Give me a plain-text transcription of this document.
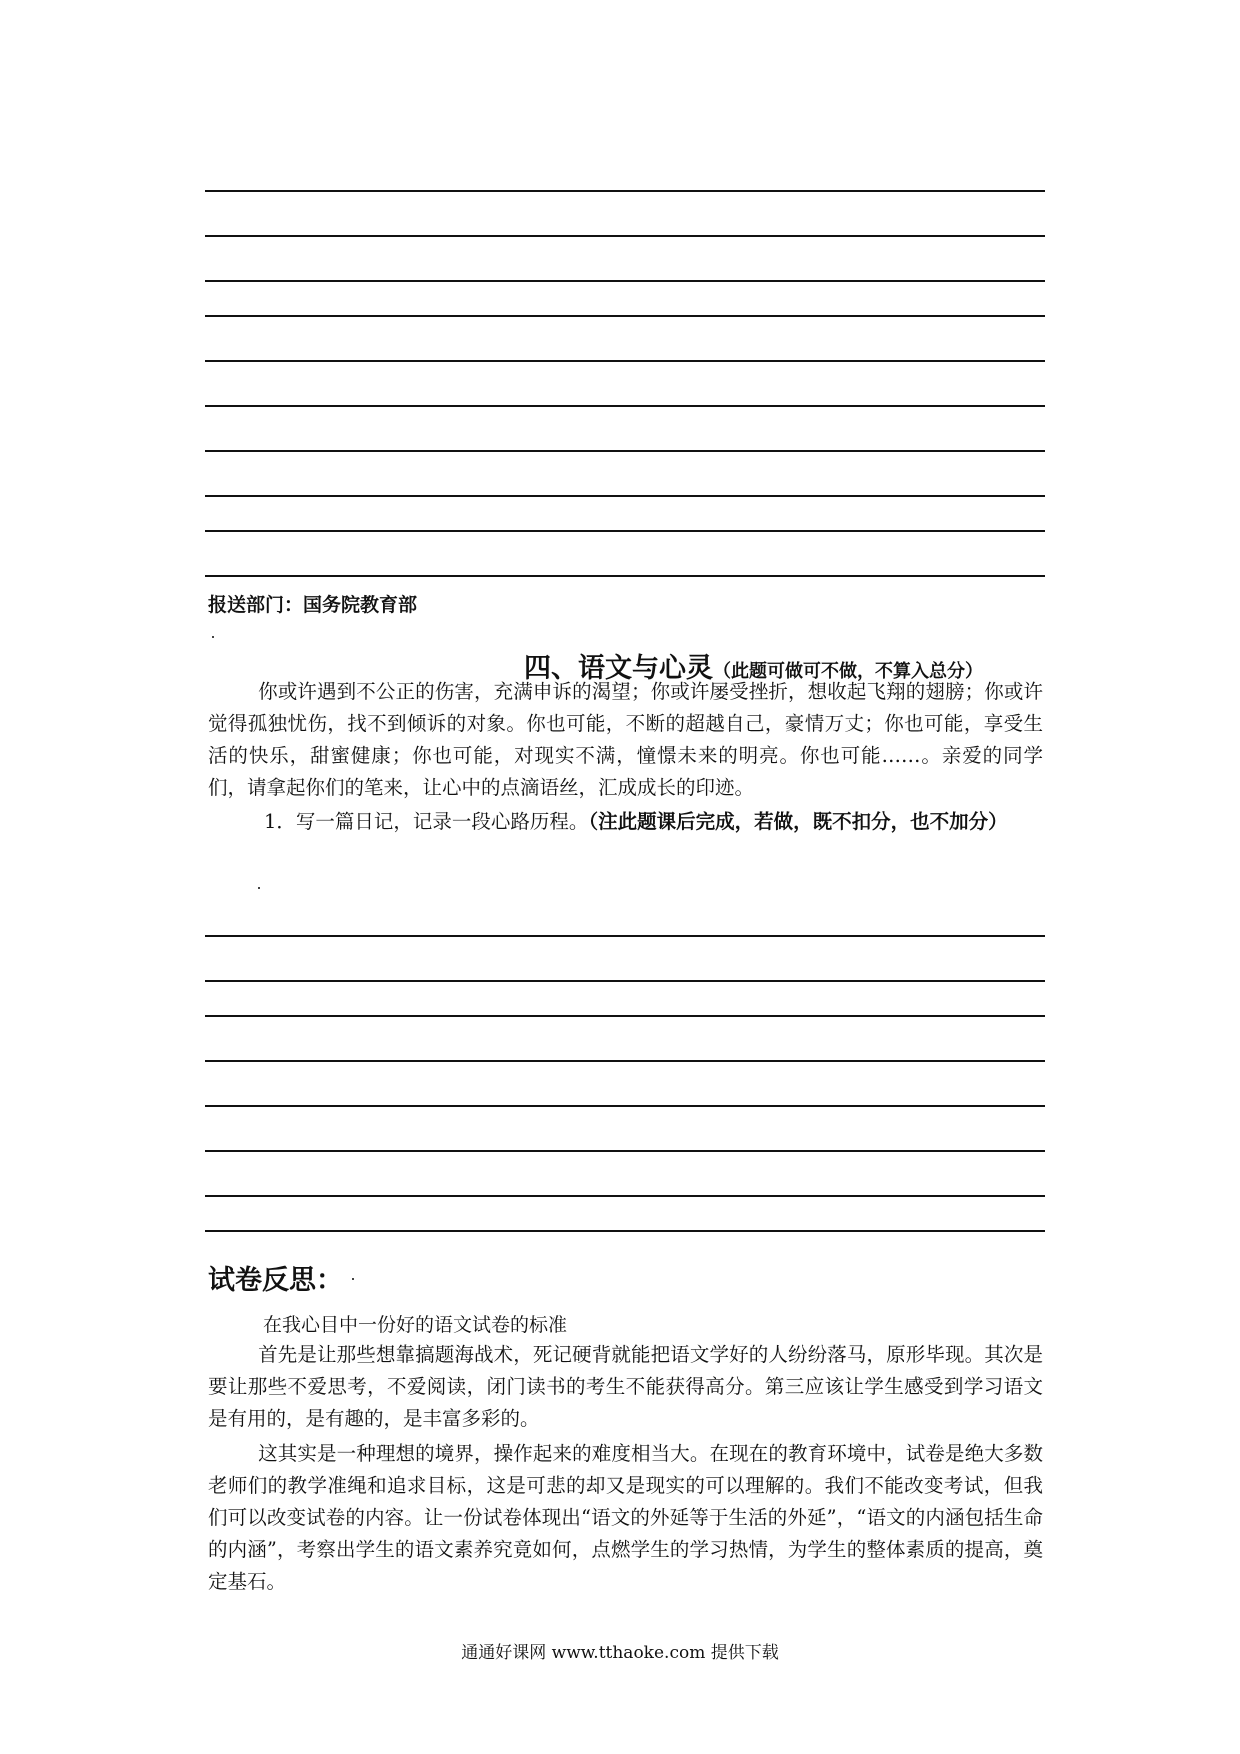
报送部门：国务院教育部
四、语文与心灵（此题可做可不做，不算入总分）
你或许遇到不公正的伤害，充满申诉的渴望；你或许屡受挫折，想收起飞翔的翅膀；你或许觉得孤独忧伤，找不到倾诉的对象。你也可能，不断的超越自己，豪情万丈；你也可能，享受生活的快乐，甜蜜健康；你也可能，对现实不满，憧憬未来的明亮。你也可能……。亲爱的同学们，请拿起你们的笔来，让心中的点滴语丝，汇成成长的印迹。
1．写一篇日记，记录一段心路历程。（注此题课后完成，若做，既不扣分，也不加分）
试卷反思：
在我心目中一份好的语文试卷的标准
首先是让那些想靠搞题海战术，死记硬背就能把语文学好的人纷纷落马，原形毕现。其次是要让那些不爱思考，不爱阅读，闭门读书的考生不能获得高分。第三应该让学生感受到学习语文是有用的，是有趣的，是丰富多彩的。
这其实是一种理想的境界，操作起来的难度相当大。在现在的教育环境中，试卷是绝大多数老师们的教学准绳和追求目标，这是可悲的却又是现实的可以理解的。我们不能改变考试，但我们可以改变试卷的内容。让一份试卷体现出“语文的外延等于生活的外延”，“语文的内涵包括生命的内涵”，考察出学生的语文素养究竟如何，点燃学生的学习热情，为学生的整体素质的提高，奠定基石。
通通好课网 www.tthaoke.com 提供下载
